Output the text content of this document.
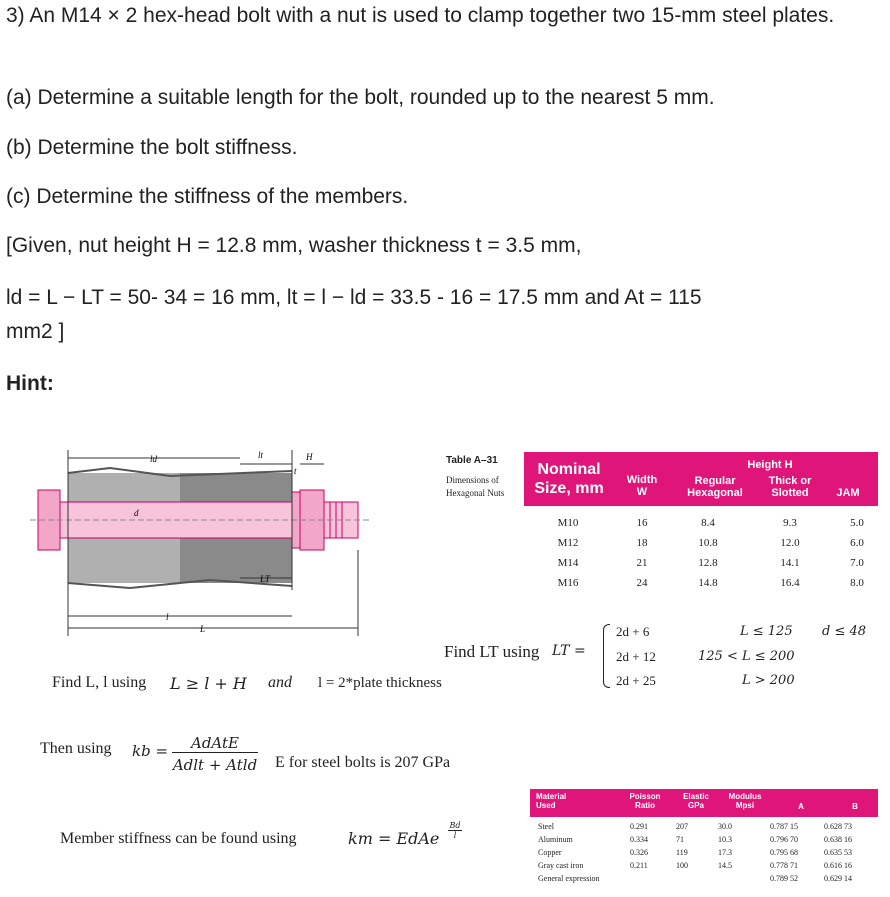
3) An M14 × 2 hex-head bolt with a nut is used to clamp together two 15-mm steel plates.
(a) Determine a suitable length for the bolt, rounded up to the nearest 5 mm.
(b) Determine the bolt stiffness.
(c) Determine the stiffness of the members.
[Given, nut height H = 12.8 mm, washer thickness t = 3.5 mm,
ld = L − LT = 50- 34 = 16 mm, lt = l − ld = 33.5 - 16 = 17.5 mm and At = 115
mm2 ]
Hint:
ld	lt	H
t
d
LT
l
L
Table A–31
Dimensions of Hexagonal Nuts
Nominal Size, mm	Width W
Height H
Regular Hexagonal
Thick or Slotted	JAM
M10	16	8.4	9.3	5.0
M12	18	10.8	12.0	6.0
M14	21	12.8	14.1	7.0
M16	24	14.8	16.4	8.0
Find LT using LT =
2d + 6
2d + 12
2d + 25
L ≤ 125 d ≤ 48
125 < L ≤ 200
L > 200
Find L, l using L ≥ l + H and l = 2*plate thickness
Then using kb =	AdAtE
Adlt + Atld E for steel bolts is 207 GPa
Member stiffness can be found using	km = EdAe
Bd
l
Material Used
Poisson Ratio
Elastic GPa
Modulus Mpsi	A	B
Steel	0.291	207	30.0	0.787 15	0.628 73
Aluminum	0.334	71	10.3	0.796 70	0.638 16
Copper	0.326	119	17.3	0.795 68	0.635 53
Gray cast iron	0.211	100	14.5	0.778 71	0.616 16
General expression				0.789 52	0.629 14
